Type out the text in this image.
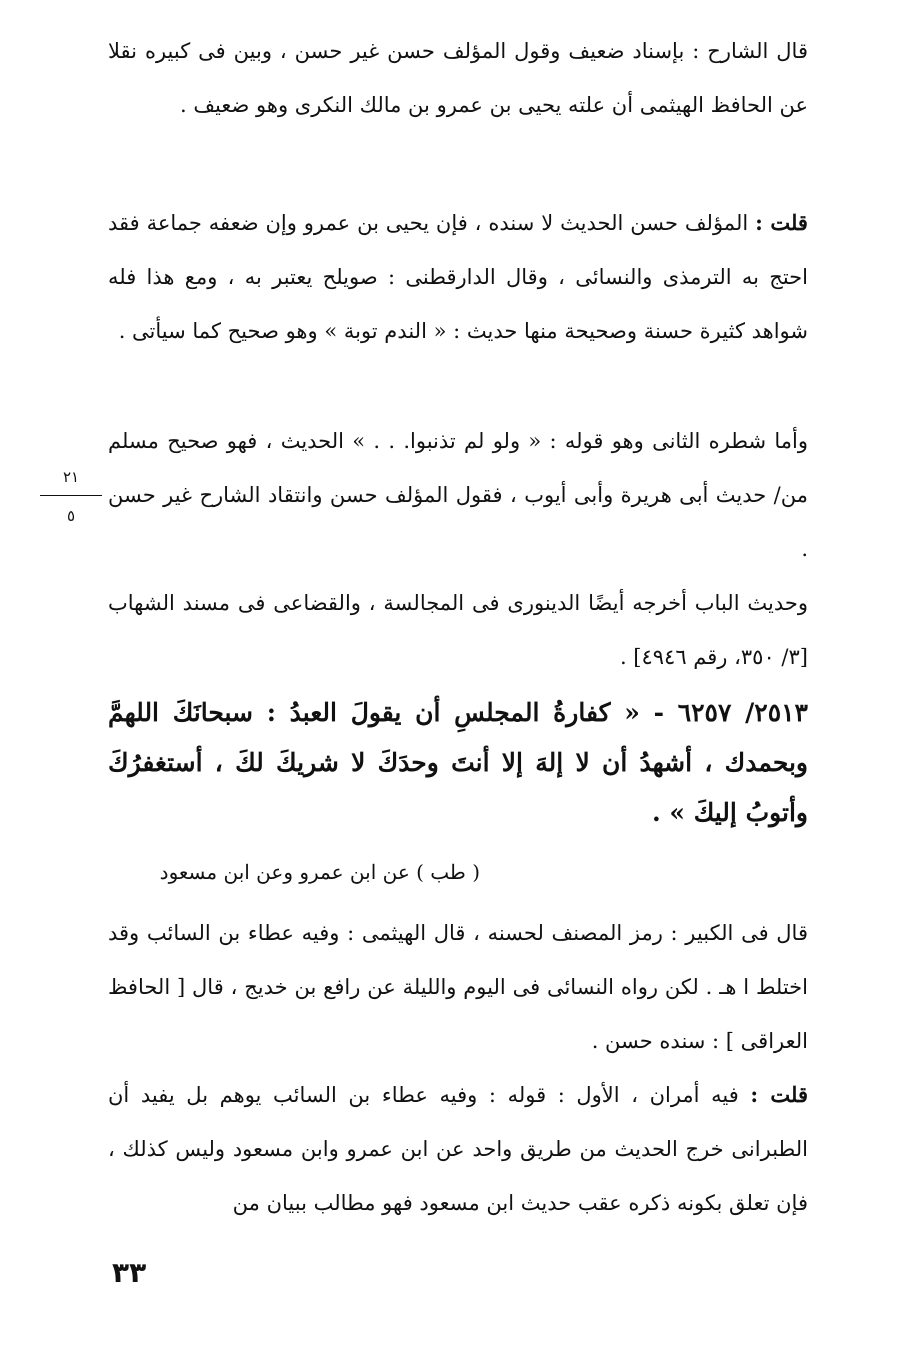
قال الشارح : بإسناد ضعيف وقول المؤلف حسن غير حسن ، وبين فى كبيره نقلا عن الحافظ الهيثمى أن علته يحيى بن عمرو بن مالك النكرى وهو ضعيف .

قلت : المؤلف حسن الحديث لا سنده ، فإن يحيى بن عمرو وإن ضعفه جماعة فقد احتج به الترمذى والنسائى ، وقال الدارقطنى : صويلح يعتبر به ، ومع هذا فله شواهد كثيرة حسنة وصحيحة منها حديث : « الندم توبة » وهو صحيح كما سيأتى .

وأما شطره الثانى وهو قوله : « ولو لم تذنبوا. . . » الحديث ، فهو صحيح مسلم من/ حديث أبى هريرة وأبى أيوب ، فقول المؤلف حسن وانتقاد الشارح غير حسن .

٢١
٥

وحديث الباب أخرجه أيضًا الدينورى فى المجالسة ، والقضاعى فى مسند الشهاب [٣/ ٣٥٠، رقم ٤٩٤٦] .

٢٥١٣/ ٦٢٥٧ - « كفارةُ المجلسِ أن يقولَ العبدُ : سبحانَكَ اللهمَّ وبحمدك ، أشهدُ أن لا إلهَ إلا أنتَ وحدَكَ لا شريكَ لكَ ، أستغفرُكَ وأتوبُ إليكَ » .

( طب ) عن ابن عمرو وعن ابن مسعود

قال فى الكبير : رمز المصنف لحسنه ، قال الهيثمى : وفيه عطاء بن السائب وقد اختلط ا هـ . لكن رواه النسائى فى اليوم والليلة عن رافع بن خديج ، قال [ الحافظ العراقى ] : سنده حسن .

قلت : فيه أمران ، الأول : قوله : وفيه عطاء بن السائب يوهم بل يفيد أن الطبرانى خرج الحديث من طريق واحد عن ابن عمرو وابن مسعود وليس كذلك ، فإن تعلق بكونه ذكره عقب حديث ابن مسعود فهو مطالب ببيان من

٣٣
